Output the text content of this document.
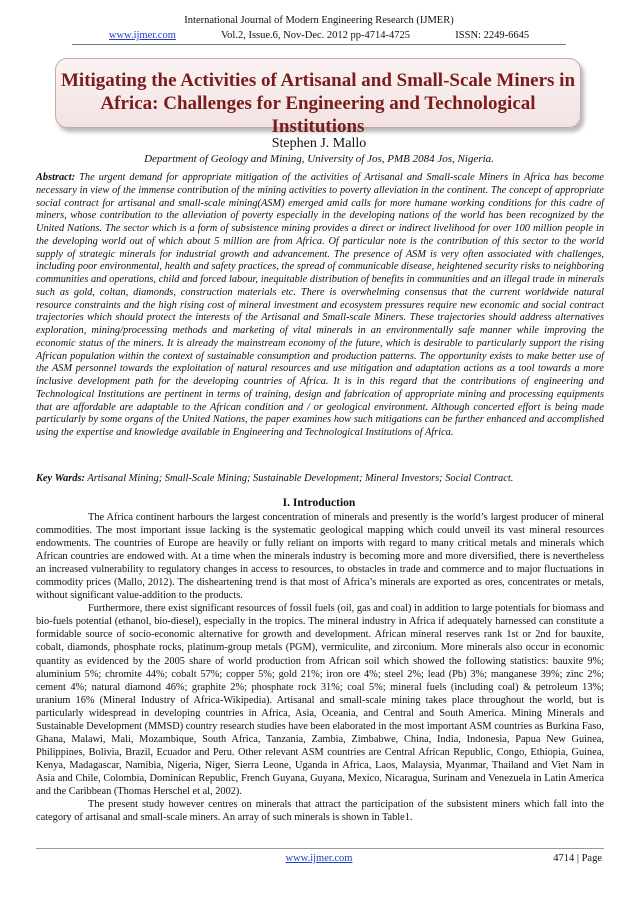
International Journal of Modern Engineering Research (IJMER)
www.ijmer.com	Vol.2, Issue.6, Nov-Dec. 2012 pp-4714-4725	ISSN: 2249-6645
Mitigating the Activities of Artisanal and Small-Scale Miners in
Africa: Challenges for Engineering and Technological Institutions
Stephen J. Mallo
Department of Geology and Mining, University of Jos, PMB 2084 Jos, Nigeria.
Abstract: The urgent demand for appropriate mitigation of the activities of Artisanal and Small-scale Miners in Africa has become necessary in view of the immense contribution of the mining activities to poverty alleviation in the continent. The concept of appropriate social contract for artisanal and small-scale mining(ASM) emerged amid calls for more humane working conditions for this cadre of miners, whose contribution to the alleviation of poverty especially in the developing nations of the world has been recognized by the United Nations. The sector which is a form of subsistence mining provides a direct or indirect livelihood for over 100 million people in the developing world out of which about 5 million are from Africa. Of particular note is the contribution of this sector to the world supply of strategic minerals for industrial growth and advancement. The presence of ASM is very often associated with challenges, including poor environmental, health and safety practices, the spread of communicable disease, heightened security risks to neighboring communities and operations, child and forced labour, inequitable distribution of benefits in communities and an illegal trade in minerals such as gold, coltan, diamonds, construction materials etc. There is overwhelming consensus that the current worldwide natural resource constraints and the high rising cost of mineral investment and ecosystem pressures require new economic and social contract trajectories which should protect the interests of the Artisanal and Small-scale Miners. These trajectories should address alternatives exploration, mining/processing methods and marketing of vital minerals in an environmentally safe manner while improving the economic status of the miners. It is already the mainstream economy of the future, which is desirable to particularly support the rising African population within the context of sustainable consumption and production patterns. The opportunity exists to make better use of the ASM personnel towards the exploitation of natural resources and use mitigation and adaptation actions as a tool towards a more inclusive development path for the developing countries of Africa. It is in this regard that the contributions of engineering and Technological Institutions are pertinent in terms of training, design and fabrication of appropriate mining and processing equipments that are affordable are adaptable to the African condition and / or geological environment. Although concerted effort is being made particularly by some organs of the United Nations, the paper examines how such mitigations can be further enhanced and accomplished using the expertise and knowledge available in Engineering and Technological Institutions of Africa.
Key Wards: Artisanal Mining; Small-Scale Mining; Sustainable Development; Mineral Investors; Social Contract.
I. Introduction

The Africa continent harbours the largest concentration of minerals and presently is the world’s largest producer of mineral commodities. The most important issue lacking is the systematic geological mapping which could unveil its vast mineral resources endowments. The countries of Europe are heavily or fully reliant on imports with regard to many critical metals and minerals which African countries are endowed with. At a time when the minerals industry is becoming more and more diversified, there is nevertheless an increased vulnerability to regulatory changes in access to resources, to obstacles in trade and commerce and to major fluctuations in commodity prices (Mallo, 2012). The disheartening trend is that most of Africa’s minerals are exported as ores, concentrates or metals, without significant value-addition to the products.

Furthermore, there exist significant resources of fossil fuels (oil, gas and coal) in addition to large potentials for biomass and bio-fuels potential (ethanol, bio-diesel), especially in the tropics. The mineral industry in Africa if adequately harnessed can constitute a formidable source of socio-economic alternative for growth and development. African mineral reserves rank 1st or 2nd for bauxite, cobalt, diamonds, phosphate rocks, platinum-group metals (PGM), vermiculite, and zirconium. More minerals also occur in economic quantity as evidenced by the 2005 share of world production from African soil which showed the following statistics: bauxite 9%; aluminium 5%; chromite 44%; cobalt 57%; copper 5%; gold 21%; iron ore 4%; steel 2%; lead (Pb) 3%; manganese 39%; zinc 2%; cement 4%; natural diamond 46%; graphite 2%; phosphate rock 31%; coal 5%; mineral fuels (including coal) & petroleum 13%; uranium 16% (Mineral Industry of Africa-Wikipedia). Artisanal and small-scale mining takes place throughout the world, but is particularly widespread in developing countries in Africa, Asia, Oceania, and Central and South America. Mining Minerals and Sustainable Development (MMSD) country research studies have been elaborated in the most important ASM countries as Burkina Faso, Ghana, Malawi, Mali, Mozambique, South Africa, Tanzania, Zambia, Zimbabwe, China, India, Indonesia, Papua New Guinea, Philippines, Bolivia, Brazil, Ecuador and Peru. Other relevant ASM countries are Central African Republic, Congo, Ethiopia, Guinea, Kenya, Madagascar, Namibia, Nigeria, Niger, Sierra Leone, Uganda in Africa, Laos, Malaysia, Myanmar, Thailand and Viet Nam in Asia and Chile, Colombia, Dominican Republic, French Guyana, Guyana, Mexico, Nicaragua, Surinam and Venezuela in Latin America and the Caribbean (Thomas Herschel et al, 2002).

The present study however centres on minerals that attract the participation of the subsistent miners which fall into the category of artisanal and small-scale miners. An array of such minerals is shown in Table1.

www.ijmer.com	4714 | Page
